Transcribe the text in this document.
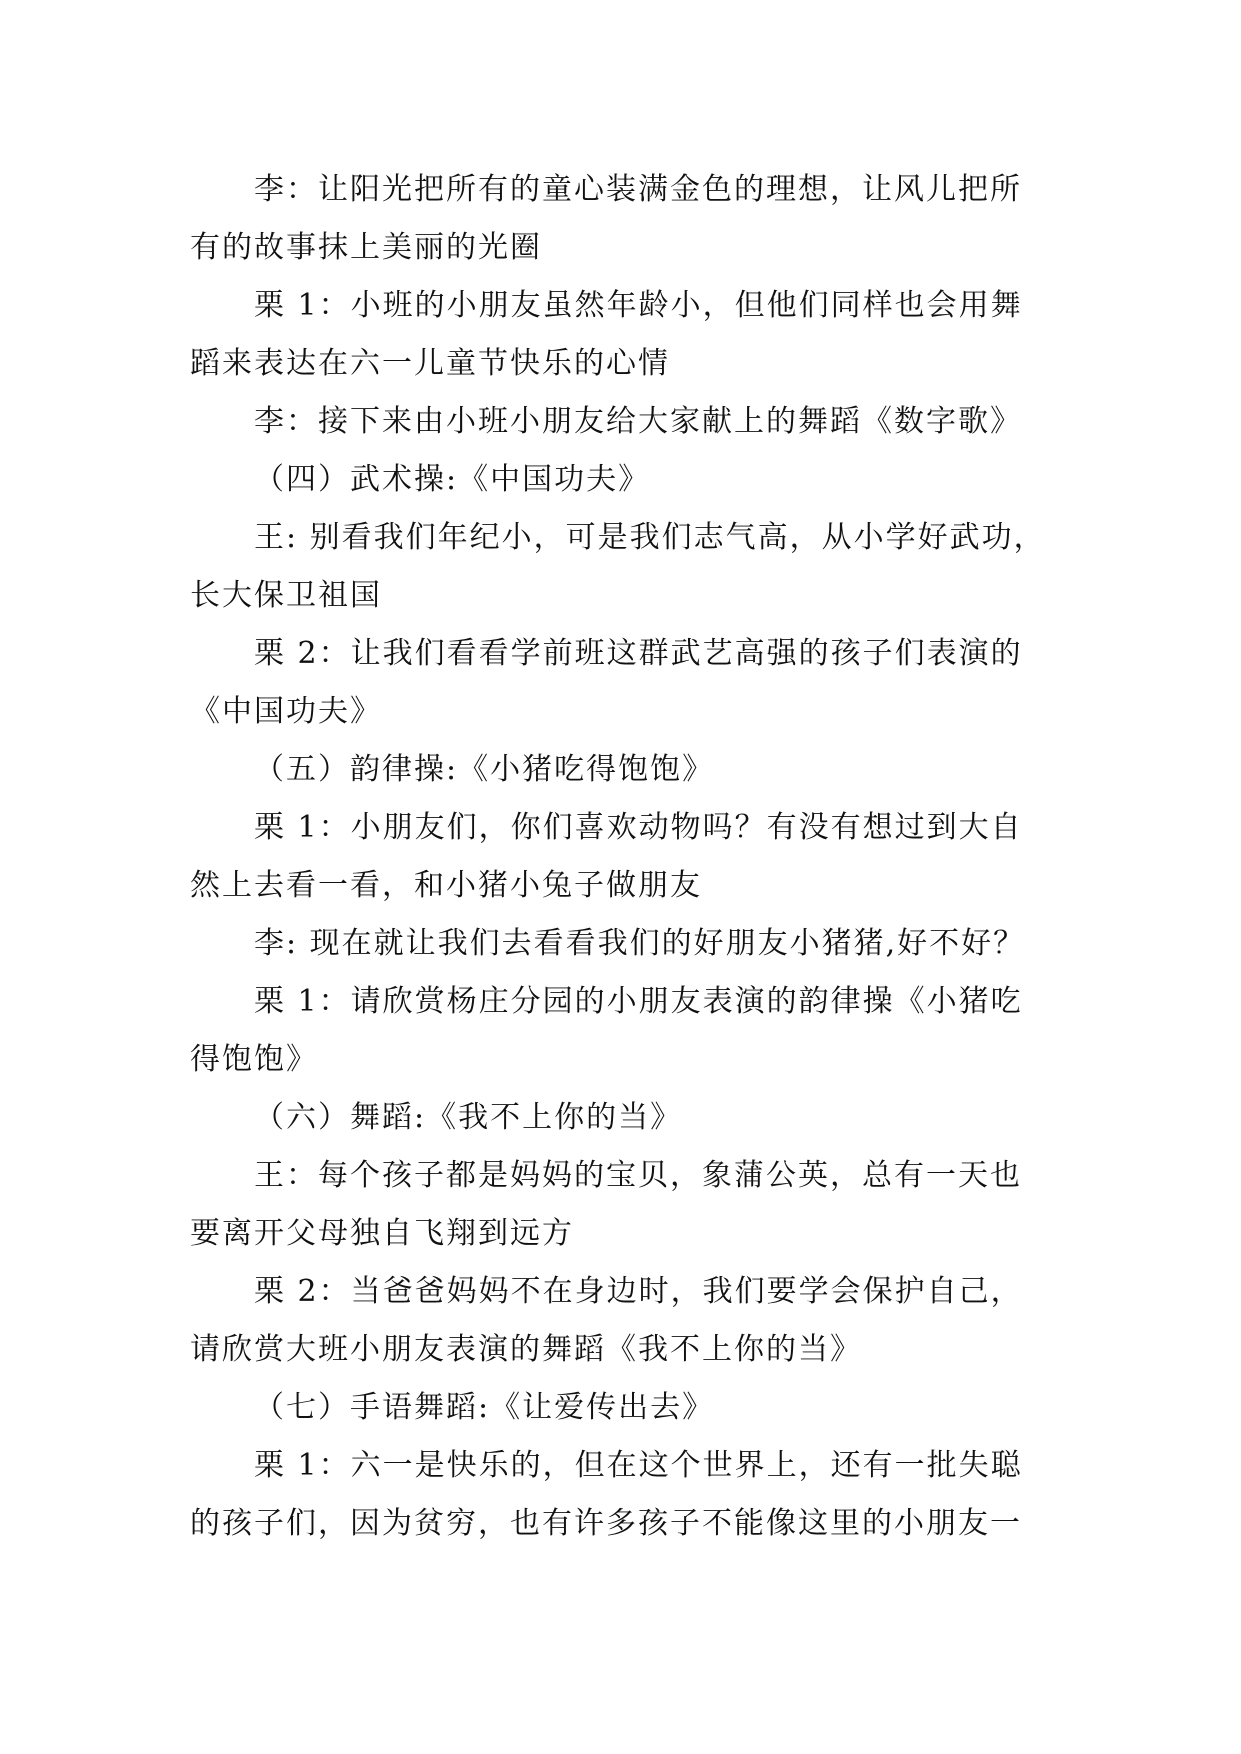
李：让阳光把所有的童心装满金色的理想，让风儿把所

有的故事抹上美丽的光圈

栗 1：小班的小朋友虽然年龄小，但他们同样也会用舞

蹈来表达在六一儿童节快乐的心情

李：接下来由小班小朋友给大家献上的舞蹈《数字歌》

（四）武术操:《中国功夫》

王: 别看我们年纪小，可是我们志气高，从小学好武功，

长大保卫祖国

栗 2：让我们看看学前班这群武艺高强的孩子们表演的

《中国功夫》

（五）韵律操:《小猪吃得饱饱》

栗 1：小朋友们，你们喜欢动物吗？有没有想过到大自

然上去看一看，和小猪小兔子做朋友

李: 现在就让我们去看看我们的好朋友小猪猪,好不好？

栗 1：请欣赏杨庄分园的小朋友表演的韵律操《小猪吃

得饱饱》

（六）舞蹈:《我不上你的当》

王：每个孩子都是妈妈的宝贝，象蒲公英，总有一天也

要离开父母独自飞翔到远方

栗 2：当爸爸妈妈不在身边时，我们要学会保护自己，

请欣赏大班小朋友表演的舞蹈《我不上你的当》

（七）手语舞蹈:《让爱传出去》

栗 1：六一是快乐的，但在这个世界上，还有一批失聪

的孩子们，因为贫穷，也有许多孩子不能像这里的小朋友一
